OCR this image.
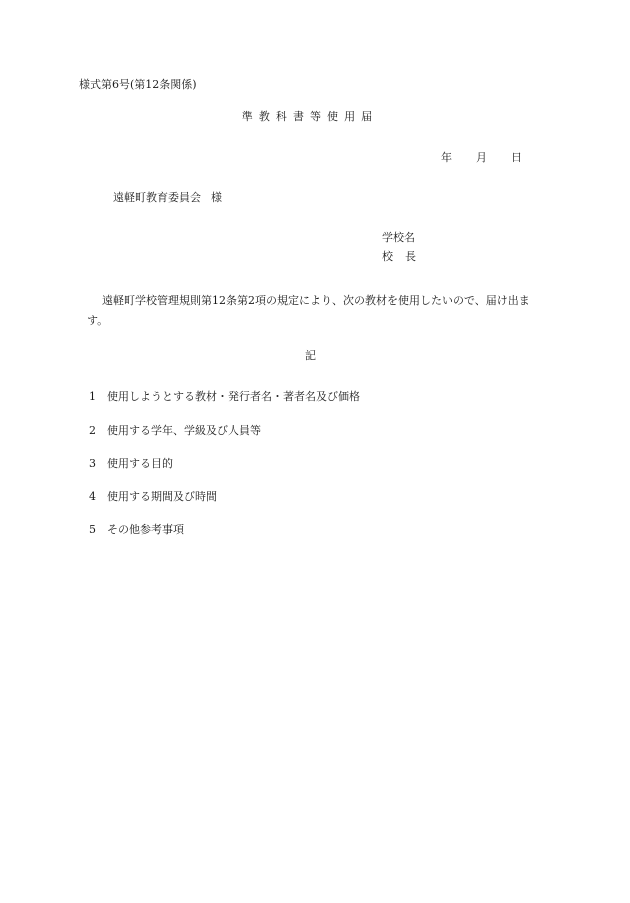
様式第6号(第12条関係)
準教科書等使用届
年 月 日
遠軽町教育委員会 様
学校名
校 長
遠軽町学校管理規則第12条第2項の規定により、次の教材を使用したいので、届け出ます。
記
1 使用しようとする教材・発行者名・著者名及び価格
2 使用する学年、学級及び人員等
3 使用する目的
4 使用する期間及び時間
5 その他参考事項
